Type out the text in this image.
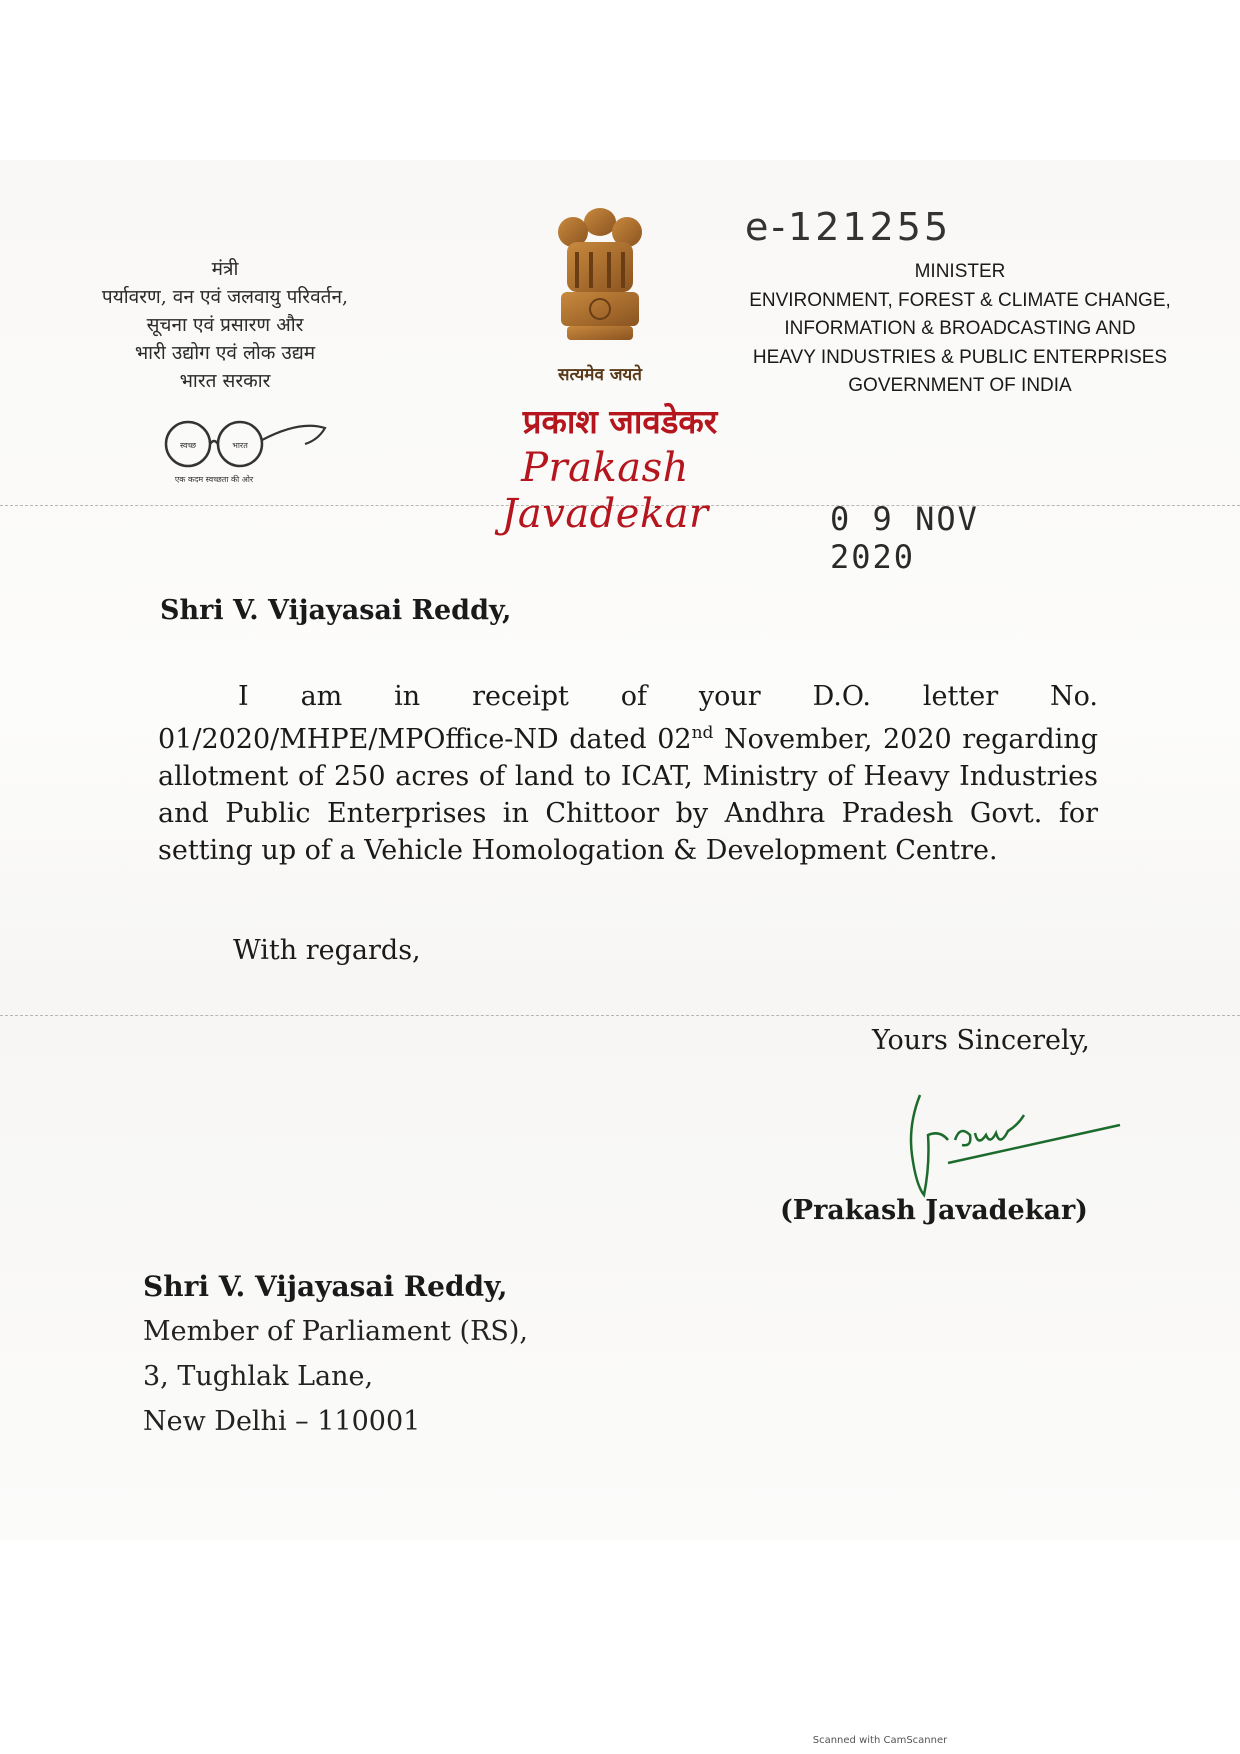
मंत्री
पर्यावरण, वन एवं जलवायु परिवर्तन,
सूचना एवं प्रसारण और
भारी उद्योग एवं लोक उद्यम
भारत सरकार
स्वच्छ	भारत
एक कदम स्वच्छता की ओर
सत्यमेव जयते
प्रकाश जावडेकर
Prakash Javadekar
e-121255
MINISTER
ENVIRONMENT, FOREST & CLIMATE CHANGE,
INFORMATION & BROADCASTING AND
HEAVY INDUSTRIES & PUBLIC ENTERPRISES
GOVERNMENT OF INDIA
0 9 NOV 2020
Shri V. Vijayasai Reddy,
I am in receipt of your D.O. letter No. 01/2020/MHPE/MPOffice-ND dated 02nd November, 2020 regarding allotment of 250 acres of land to ICAT, Ministry of Heavy Industries and Public Enterprises in Chittoor by Andhra Pradesh Govt. for setting up of a Vehicle Homologation & Development Centre.
With regards,
Yours Sincerely,
(Prakash Javadekar)
Shri V. Vijayasai Reddy,
Member of Parliament (RS),
3, Tughlak Lane,
New Delhi – 110001
Scanned with CamScanner
